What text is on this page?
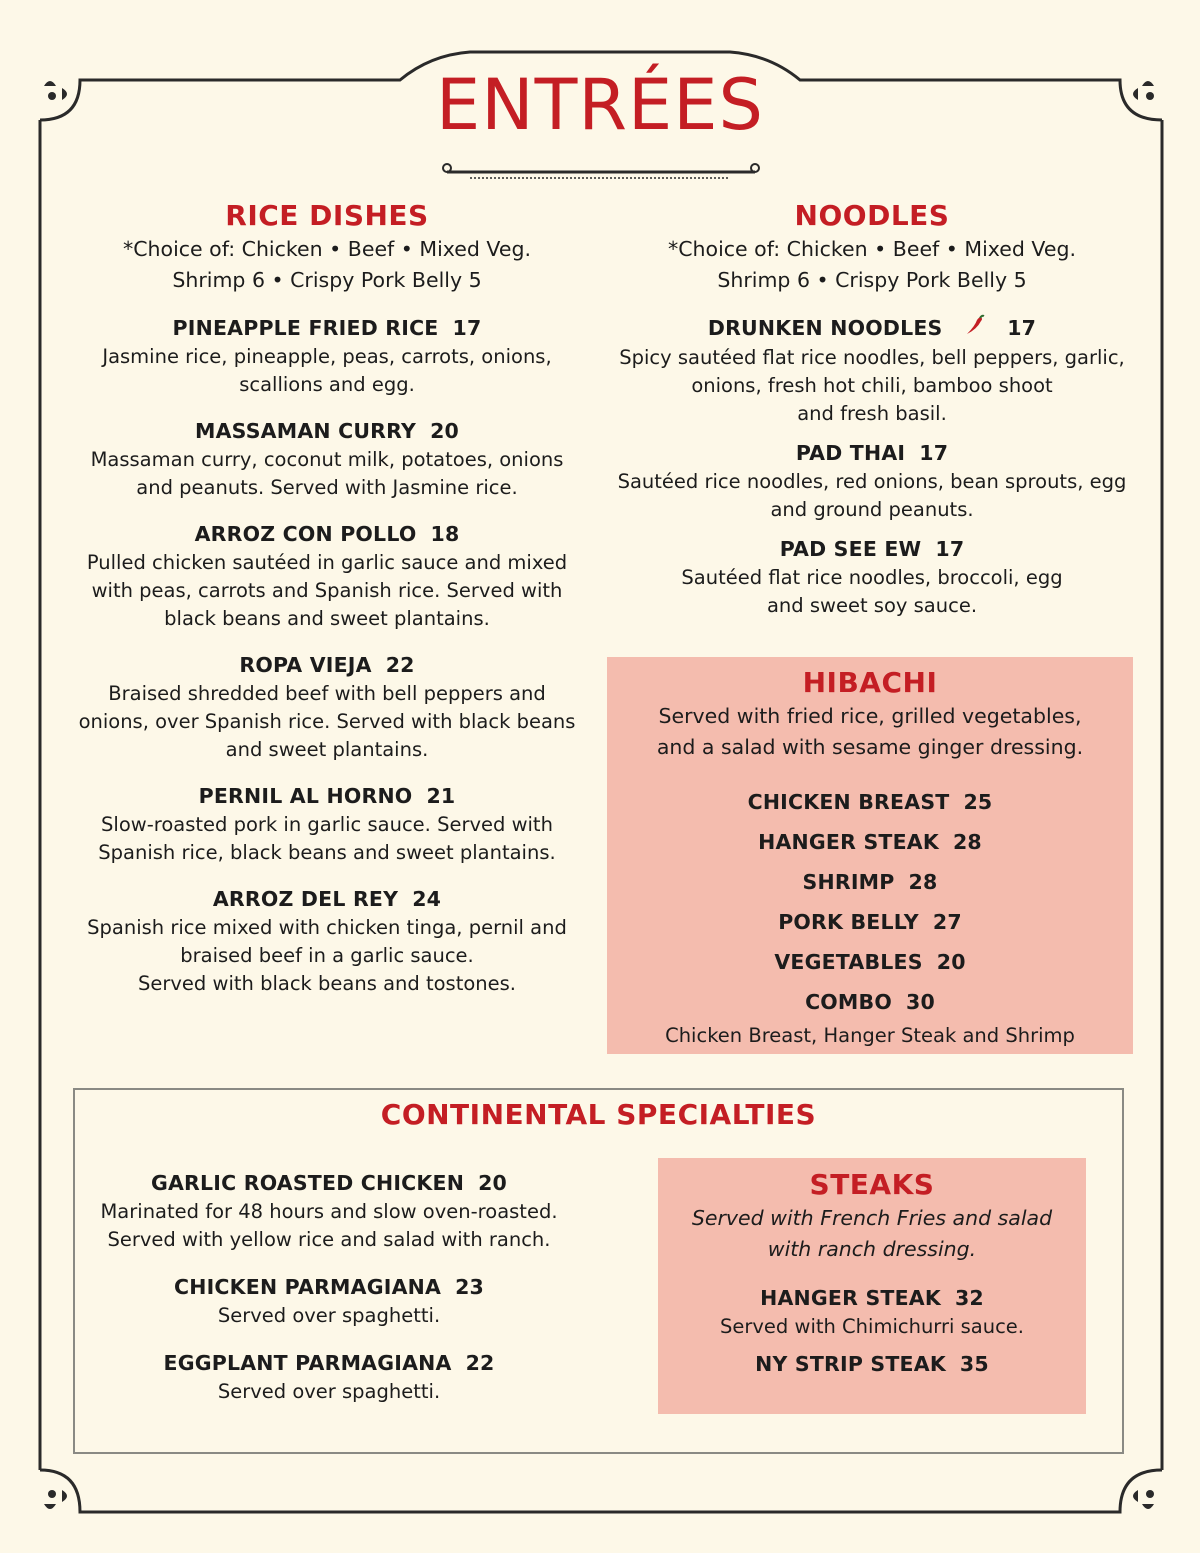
ENTRÉES
RICE DISHES
*Choice of: Chicken • Beef • Mixed Veg.
Shrimp 6 • Crispy Pork Belly 5
PINEAPPLE FRIED RICE 17
Jasmine rice, pineapple, peas, carrots, onions,
scallions and egg.
MASSAMAN CURRY 20
Massaman curry, coconut milk, potatoes, onions
and peanuts. Served with Jasmine rice.
ARROZ CON POLLO 18
Pulled chicken sautéed in garlic sauce and mixed
with peas, carrots and Spanish rice. Served with
black beans and sweet plantains.
ROPA VIEJA 22
Braised shredded beef with bell peppers and
onions, over Spanish rice. Served with black beans
and sweet plantains.
PERNIL AL HORNO 21
Slow-roasted pork in garlic sauce. Served with
Spanish rice, black beans and sweet plantains.
ARROZ DEL REY 24
Spanish rice mixed with chicken tinga, pernil and
braised beef in a garlic sauce.
Served with black beans and tostones.
NOODLES
*Choice of: Chicken • Beef • Mixed Veg.
Shrimp 6 • Crispy Pork Belly 5
DRUNKEN NOODLES	17
Spicy sautéed flat rice noodles, bell peppers, garlic,
onions, fresh hot chili, bamboo shoot
and fresh basil.
PAD THAI 17
Sautéed rice noodles, red onions, bean sprouts, egg
and ground peanuts.
PAD SEE EW 17
Sautéed flat rice noodles, broccoli, egg
and sweet soy sauce.
HIBACHI
Served with fried rice, grilled vegetables,
and a salad with sesame ginger dressing.
CHICKEN BREAST 25
HANGER STEAK 28
SHRIMP 28
PORK BELLY 27
VEGETABLES 20
COMBO 30
Chicken Breast, Hanger Steak and Shrimp
CONTINENTAL SPECIALTIES
GARLIC ROASTED CHICKEN 20
Marinated for 48 hours and slow oven-roasted.
Served with yellow rice and salad with ranch.
CHICKEN PARMAGIANA 23
Served over spaghetti.
EGGPLANT PARMAGIANA 22
Served over spaghetti.
STEAKS
Served with French Fries and salad
with ranch dressing.
HANGER STEAK 32
Served with Chimichurri sauce.
NY STRIP STEAK 35
